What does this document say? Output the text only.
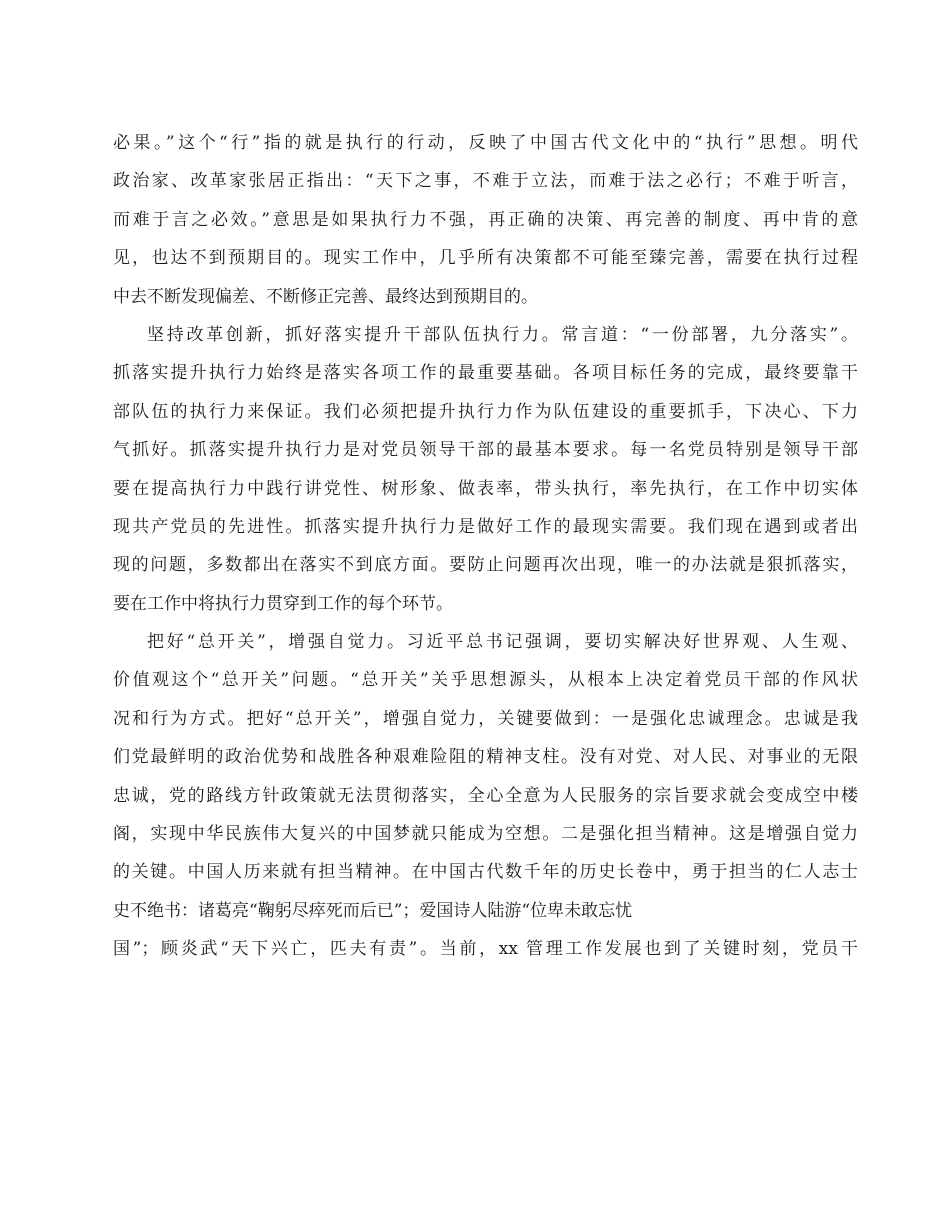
必果。”这个“行”指的就是执行的行动，反映了中国古代文化中的“执行”思想。明代
政治家、改革家张居正指出：“天下之事，不难于立法，而难于法之必行；不难于听言，
而难于言之必效。”意思是如果执行力不强，再正确的决策、再完善的制度、再中肯的意
见，也达不到预期目的。现实工作中，几乎所有决策都不可能至臻完善，需要在执行过程
中去不断发现偏差、不断修正完善、最终达到预期目的。
坚持改革创新，抓好落实提升干部队伍执行力。常言道：“一份部署，九分落实”。
抓落实提升执行力始终是落实各项工作的最重要基础。各项目标任务的完成，最终要靠干
部队伍的执行力来保证。我们必须把提升执行力作为队伍建设的重要抓手，下决心、下力
气抓好。抓落实提升执行力是对党员领导干部的最基本要求。每一名党员特别是领导干部
要在提高执行力中践行讲党性、树形象、做表率，带头执行，率先执行，在工作中切实体
现共产党员的先进性。抓落实提升执行力是做好工作的最现实需要。我们现在遇到或者出
现的问题，多数都出在落实不到底方面。要防止问题再次出现，唯一的办法就是狠抓落实，
要在工作中将执行力贯穿到工作的每个环节。
把好“总开关”，增强自觉力。习近平总书记强调，要切实解决好世界观、人生观、
价值观这个“总开关”问题。“总开关”关乎思想源头，从根本上决定着党员干部的作风状
况和行为方式。把好“总开关”，增强自觉力，关键要做到：一是强化忠诚理念。忠诚是我
们党最鲜明的政治优势和战胜各种艰难险阻的精神支柱。没有对党、对人民、对事业的无限
忠诚，党的路线方针政策就无法贯彻落实，全心全意为人民服务的宗旨要求就会变成空中楼
阁，实现中华民族伟大复兴的中国梦就只能成为空想。二是强化担当精神。这是增强自觉力
的关键。中国人历来就有担当精神。在中国古代数千年的历史长卷中，勇于担当的仁人志士
史不绝书：诸葛亮“鞠躬尽瘁死而后已”；爱国诗人陆游“位卑未敢忘忧
国”；顾炎武“天下兴亡，匹夫有责”。当前，xx 管理工作发展也到了关键时刻，党员干
